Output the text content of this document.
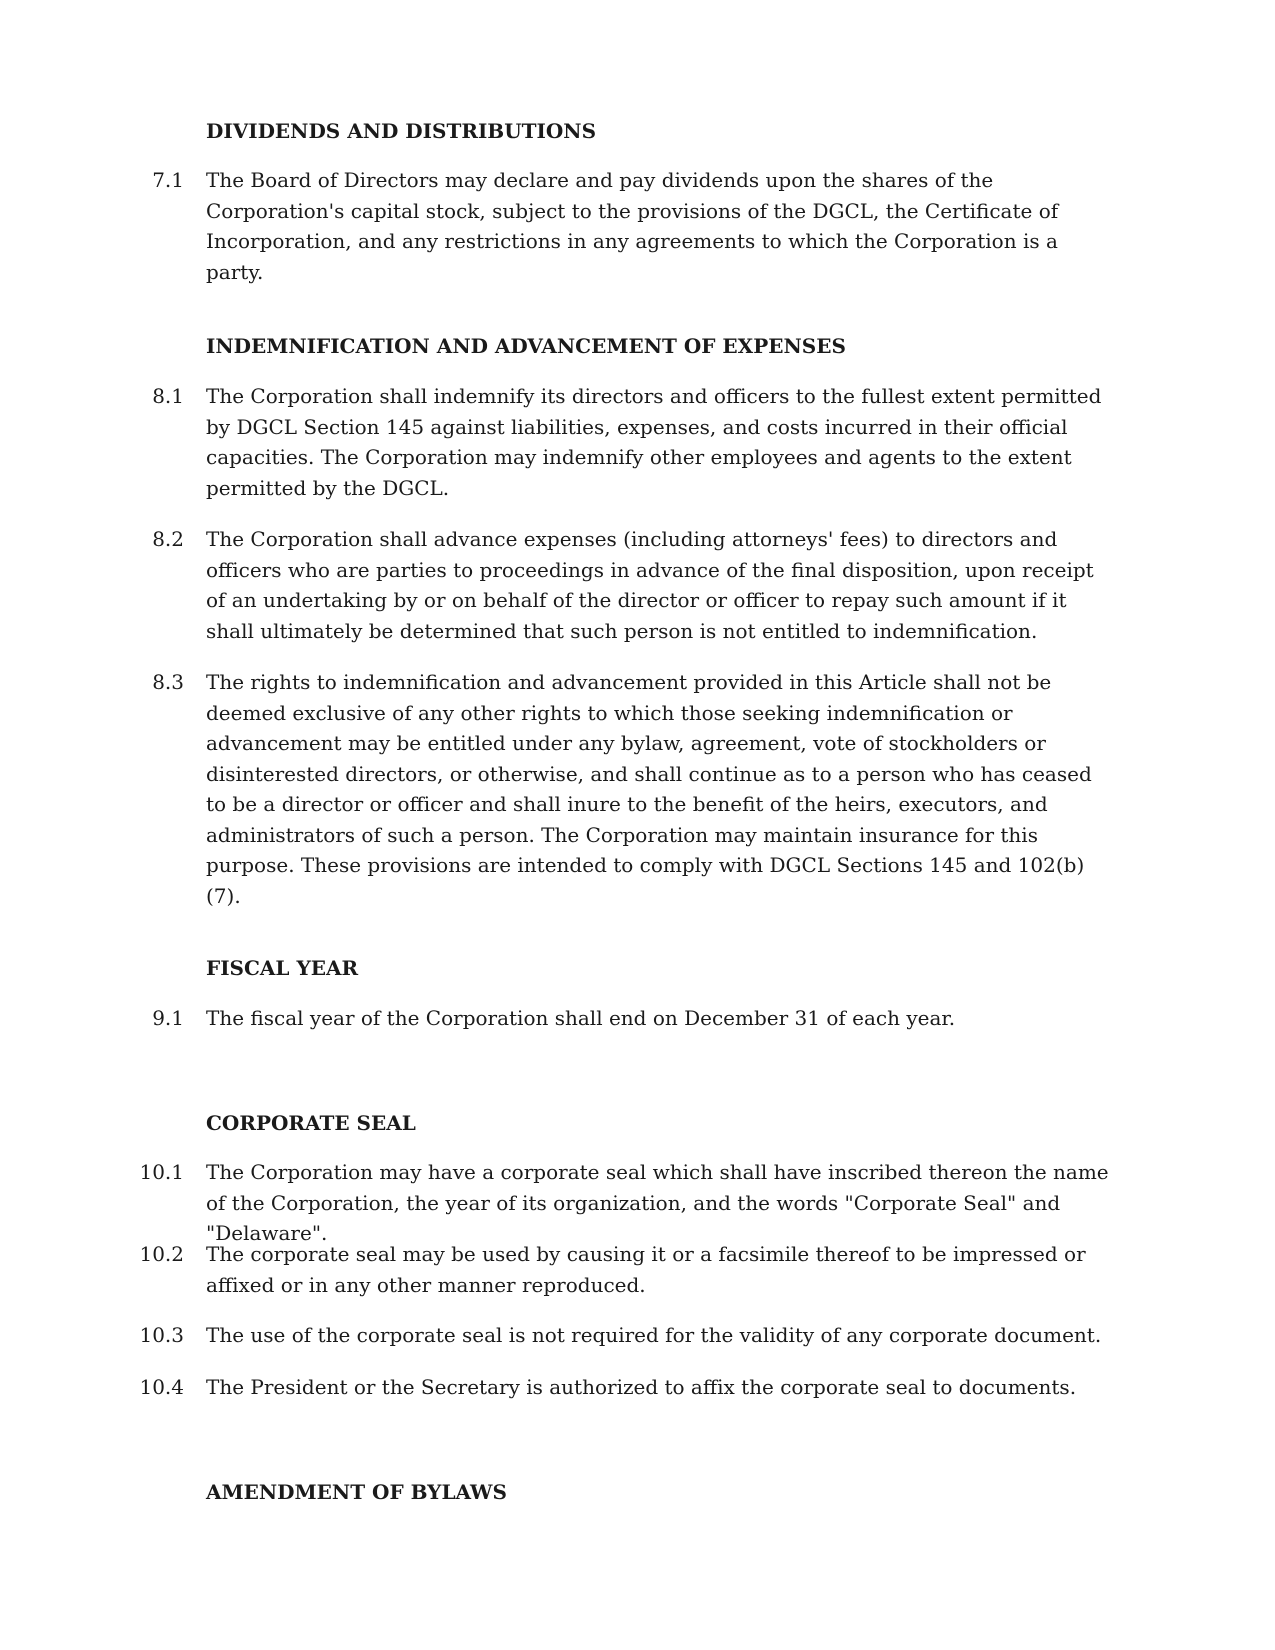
DIVIDENDS AND DISTRIBUTIONS
7.1 The Board of Directors may declare and pay dividends upon the shares of the Corporation's capital stock, subject to the provisions of the DGCL, the Certificate of Incorporation, and any restrictions in any agreements to which the Corporation is a party.
INDEMNIFICATION AND ADVANCEMENT OF EXPENSES
8.1 The Corporation shall indemnify its directors and officers to the fullest extent permitted by DGCL Section 145 against liabilities, expenses, and costs incurred in their official capacities. The Corporation may indemnify other employees and agents to the extent permitted by the DGCL.
8.2 The Corporation shall advance expenses (including attorneys' fees) to directors and officers who are parties to proceedings in advance of the final disposition, upon receipt of an undertaking by or on behalf of the director or officer to repay such amount if it shall ultimately be determined that such person is not entitled to indemnification.
8.3 The rights to indemnification and advancement provided in this Article shall not be deemed exclusive of any other rights to which those seeking indemnification or advancement may be entitled under any bylaw, agreement, vote of stockholders or disinterested directors, or otherwise, and shall continue as to a person who has ceased to be a director or officer and shall inure to the benefit of the heirs, executors, and administrators of such a person. The Corporation may maintain insurance for this purpose. These provisions are intended to comply with DGCL Sections 145 and 102(b)(7).
FISCAL YEAR
9.1 The fiscal year of the Corporation shall end on December 31 of each year.
CORPORATE SEAL
10.1 The Corporation may have a corporate seal which shall have inscribed thereon the name of the Corporation, the year of its organization, and the words "Corporate Seal" and "Delaware".
10.2 The corporate seal may be used by causing it or a facsimile thereof to be impressed or affixed or in any other manner reproduced.
10.3 The use of the corporate seal is not required for the validity of any corporate document.
10.4 The President or the Secretary is authorized to affix the corporate seal to documents.
AMENDMENT OF BYLAWS
